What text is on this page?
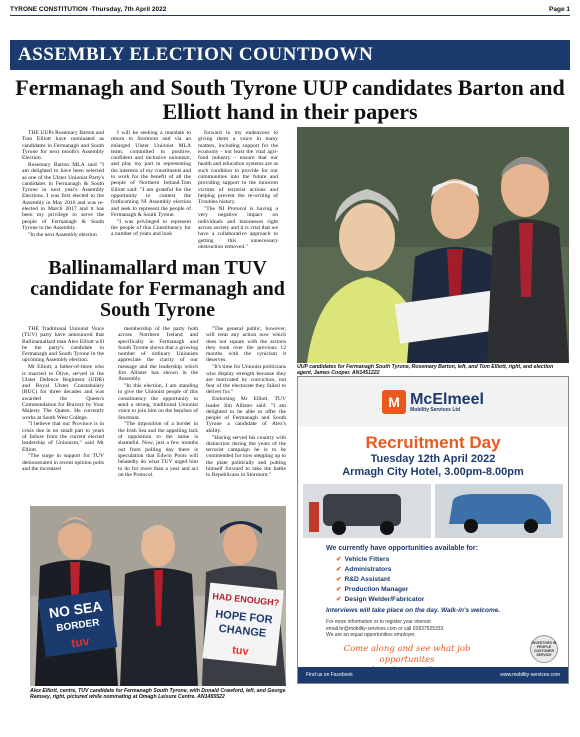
TYRONE CONSTITUTION -Thursday, 7th April 2022	Page 1
ASSEMBLY ELECTION COUNTDOWN
Fermanagh and South Tyrone UUP candidates Barton and Elliott hand in their papers

THE UUPs Rosemary Barton and Tom Elliott have nominated as candidates in Fermanagh and South Tyrone for next month's Assembly Election.

Rosemary Barton MLA said "I am delighted to have been selected as one of the Ulster Unionist Party's candidates in Fermanagh & South Tyrone in next year's Assembly Elections. I was first elected to the Assembly in May 2016 and was re-elected in March 2017 and it has been my privilege to serve the people of Fermanagh & South Tyrone in the Assembly.

"In the next Assembly election

I will be seeking a mandate to return to Stormont and via an enlarged Ulster Unionist MLA team, committed to positive, confident and inclusive unionism, and play my part in representing the interests of my constituents and to work for the benefit of all the people of Northern Ireland.Tom Elliott said: "I am grateful for the opportunity to contest the forthcoming NI Assembly election and seek to represent the people of Fermanagh & South Tyrone.

"I was privileged to represent the people of this Constituency for a number of years and look

forward in my endeavour to giving them a voice in many matters, including support for the economy - not least the vital agri-food industry - ensure that our health and education systems are as such condition to provide for our communities into the future and providing support to the innocent victims of terrorist actions and helping prevent the re-writing of Troubles history.

"The NI Protocol is having a very negative impact on individuals and businesses right across society and it is vital that we have a collaborative approach to getting this unnecessary obstruction removed."

UUP candidates for Fermanagh South Tyrone, Rosemary Barton, left, and Tom Elliott, right, and election agent, James Cooper. AN1451222
Ballinamallard man TUV candidate for Fermanagh and South Tyrone

THE Traditional Unionist Voice (TUV) party have announced that Ballinamallard man Alex Elliott will be the party's candidate in Fermanagh and South Tyrone in the upcoming Assembly election.

Mr Elliott, a father-of-three who is married to Olive, served in the Ulster Defence Regiment (UDR) and Royal Ulster Constabulary (RUC) for three decades and was awarded the Queen's Commendation for Bravery by Your Majesty The Queen. He currently works at South West College.

"I believe that our Province is in crisis due in no small part to years of failure from the current elected leadership of Unionism," said Mr Elliott.

"The surge in support for TUV demonstrated in recent opinion polls and the increased

membership of the party both across Northern Ireland and specifically in Fermanagh and South Tyrone shows that a growing number of ordinary Unionists appreciate the clarity of our message and the leadership which Jim Allister has shown in the Assembly.

"In this election, I am standing to give the Unionist people of this constituency the opportunity to send a strong, traditional Unionist voice to join him on the benches of Stormont.

"The imposition of a border in the Irish Sea and the appalling lack of opposition to the same is shameful. Now, just a few months out from polling day there is speculation that Edwin Poots will belatedly do what TUV urged him to do for more than a year and act on the Protocol.

"The general public, however, will treat any action now which does not square with the actions they took over the previous 12 months with the cynicism it deserves.

"It's time for Unionist politicians who display strength because they are motivated by conviction, not fear of the electorate they failed to deliver for."

Endorsing Mr Elliott, TUV leader Jim Allister said: "I am delighted to be able to offer the people of Fermanagh and South Tyrone a candidate of Alex's ability.

"Having served his country with distinction during the years of the terrorist campaign he is to be commended for now stepping up to the plate politically and putting himself forward to take the battle to Republicans in Stormont."

NO SEA
BORDER
tuv
HAD ENOUGH?
HOPE FOR
CHANGE
tuv
Alex Elliott, centre, TUV candidate for Fermanagh South Tyrone, with Donald Crawford, left, and George Ramsey, right, pictured while nominating at Omagh Leisure Centre. AN1455522
M McElmeel
Mobility Services Ltd
Recruitment Day
Tuesday 12th April 2022
Armagh City Hotel, 3.00pm-8.00pm
We currently have opportunities available for:
✔ Vehicle Fitters
✔ Administrators
✔ R&D Assistant
✔ Production Manager
✔ Design Welder/Fabricator
Interviews will take place on the day. Walk-in's welcome.
For more information or to register your interest
email hr@mobility-services.com or call 02837525333.
We are an equal opportunities employer.
Come along and see what job opportunites
INVESTORS IN PEOPLE CUSTOMER SERVICE
Find us on Facebook	www.mobility-services.com
